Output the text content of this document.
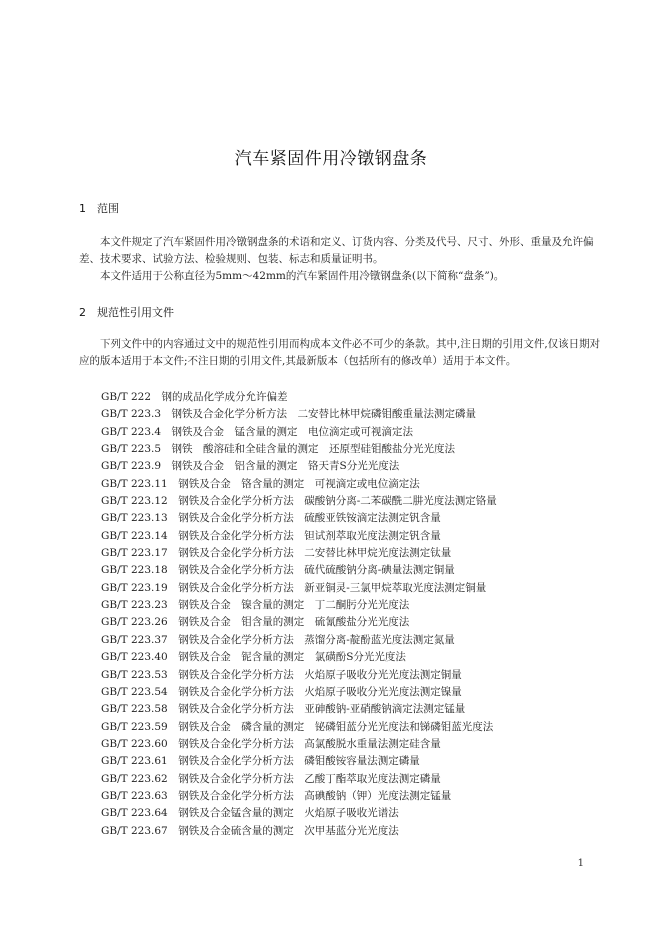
汽车紧固件用冷镦钢盘条
1 范围

本文件规定了汽车紧固件用冷镦钢盘条的术语和定义、订货内容、分类及代号、尺寸、外形、重量及允许偏差、技术要求、试验方法、检验规则、包装、标志和质量证明书。

本文件适用于公称直径为5mm～42mm的汽车紧固件用冷镦钢盘条(以下简称“盘条”)。

2 规范性引用文件

下列文件中的内容通过文中的规范性引用而构成本文件必不可少的条款。其中,注日期的引用文件,仅该日期对应的版本适用于本文件;不注日期的引用文件,其最新版本（包括所有的修改单）适用于本文件。

GB/T 222  钢的成品化学成分允许偏差
GB/T 223.3  钢铁及合金化学分析方法　二安替比林甲烷磷钼酸重量法测定磷量
GB/T 223.4  钢铁及合金　锰含量的测定　电位滴定或可视滴定法
GB/T 223.5  钢铁　酸溶硅和全硅含量的测定　还原型硅钼酸盐分光光度法
GB/T 223.9  钢铁及合金　铝含量的测定　铬天青S分光光度法
GB/T 223.11  钢铁及合金　铬含量的测定　可视滴定或电位滴定法
GB/T 223.12  钢铁及合金化学分析方法　碳酸钠分离-二苯碳酰二肼光度法测定铬量
GB/T 223.13  钢铁及合金化学分析方法　硫酸亚铁铵滴定法测定钒含量
GB/T 223.14  钢铁及合金化学分析方法　钽试剂萃取光度法测定钒含量
GB/T 223.17  钢铁及合金化学分析方法　二安替比林甲烷光度法测定钛量
GB/T 223.18  钢铁及合金化学分析方法　硫代硫酸钠分离-碘量法测定铜量
GB/T 223.19  钢铁及合金化学分析方法　新亚铜灵-三氯甲烷萃取光度法测定铜量
GB/T 223.23  钢铁及合金　镍含量的测定　丁二酮肟分光光度法
GB/T 223.26  钢铁及合金　钼含量的测定　硫氰酸盐分光光度法
GB/T 223.37  钢铁及合金化学分析方法　蒸馏分离-靛酚蓝光度法测定氮量
GB/T 223.40  钢铁及合金　铌含量的测定　氯磺酚S分光光度法
GB/T 223.53  钢铁及合金化学分析方法　火焰原子吸收分光光度法测定铜量
GB/T 223.54  钢铁及合金化学分析方法　火焰原子吸收分光光度法测定镍量
GB/T 223.58  钢铁及合金化学分析方法　亚砷酸钠-亚硝酸钠滴定法测定锰量
GB/T 223.59  钢铁及合金　磷含量的测定　铋磷钼蓝分光光度法和锑磷钼蓝光度法
GB/T 223.60  钢铁及合金化学分析方法　高氯酸脱水重量法测定硅含量
GB/T 223.61  钢铁及合金化学分析方法　磷钼酸铵容量法测定磷量
GB/T 223.62  钢铁及合金化学分析方法　乙酸丁酯萃取光度法测定磷量
GB/T 223.63  钢铁及合金化学分析方法　高碘酸钠（钾）光度法测定锰量
GB/T 223.64  钢铁及合金锰含量的测定　火焰原子吸收光谱法
GB/T 223.67  钢铁及合金硫含量的测定　次甲基蓝分光光度法
1
